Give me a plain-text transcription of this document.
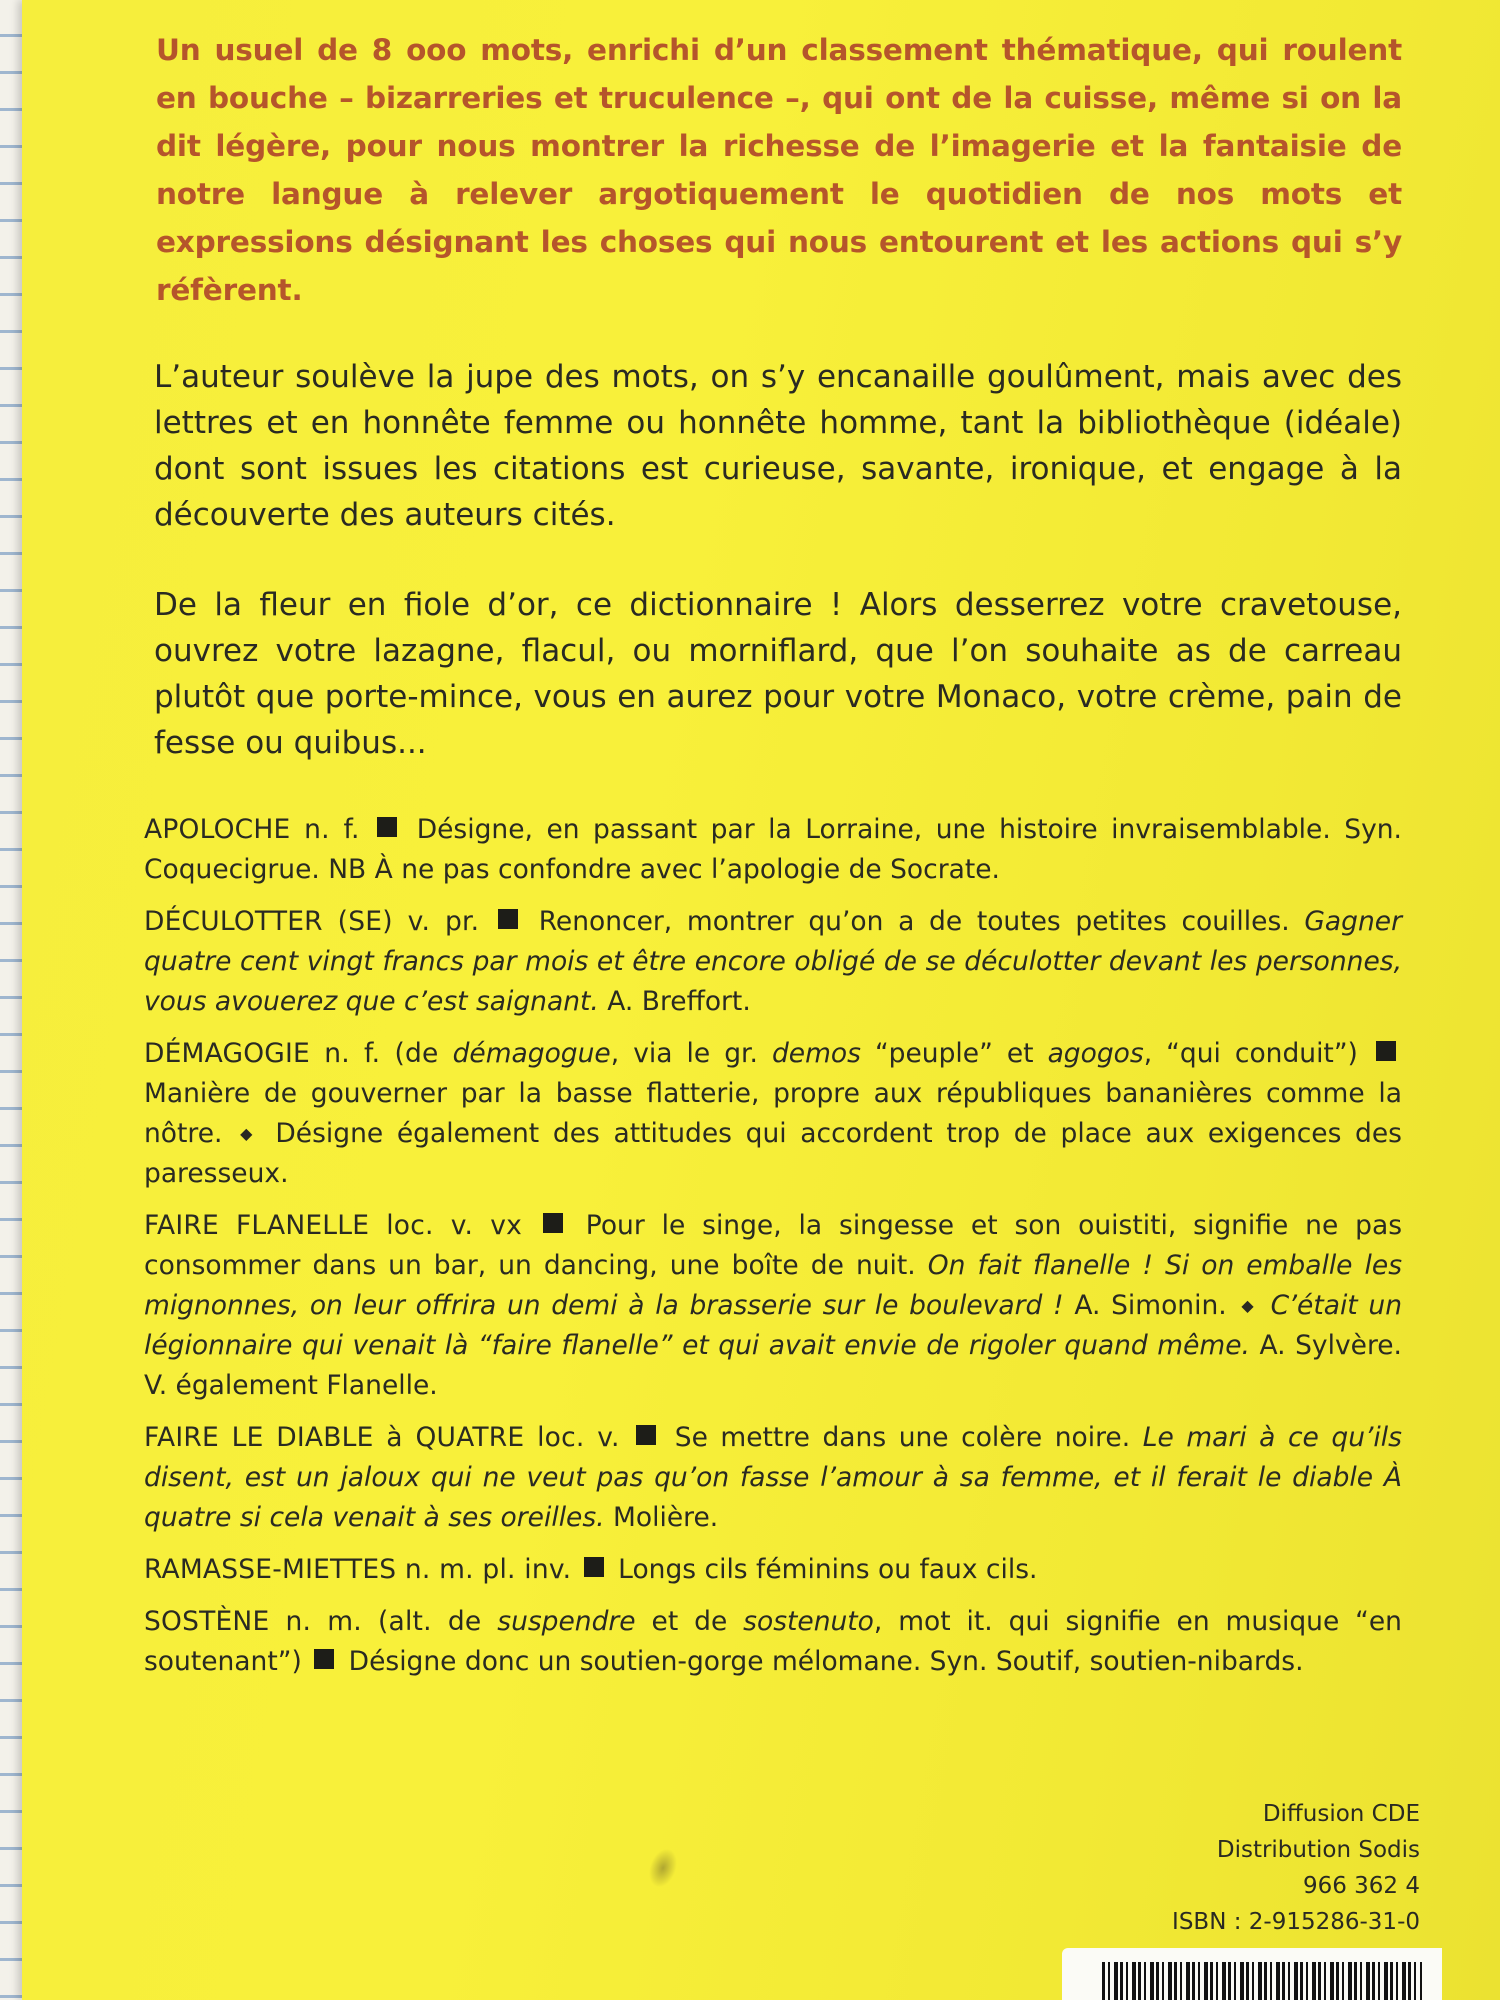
Un usuel de 8 ooo mots, enrichi d’un classement thématique, qui roulent en bouche – bizarreries et truculence –, qui ont de la cuisse, même si on la dit légère, pour nous montrer la richesse de l’imagerie et la fantaisie de notre langue à relever argotiquement le quotidien de nos mots et expressions désignant les choses qui nous entourent et les actions qui s’y réfèrent.

L’auteur soulève la jupe des mots, on s’y encanaille goulûment, mais avec des lettres et en honnête femme ou honnête homme, tant la bibliothèque (idéale) dont sont issues les citations est curieuse, savante, ironique, et engage à la découverte des auteurs cités.

De la fleur en fiole d’or, ce dictionnaire ! Alors desserrez votre cravetouse, ouvrez votre lazagne, flacul, ou morniflard, que l’on souhaite as de carreau plutôt que porte-mince, vous en aurez pour votre Monaco, votre crème, pain de fesse ou quibus...

APOLOCHE n. f. Désigne, en passant par la Lorraine, une histoire invraisemblable. Syn. Coquecigrue. NB À ne pas confondre avec l’apologie de Socrate.

DÉCULOTTER (SE) v. pr. Renoncer, montrer qu’on a de toutes petites couilles. Gagner quatre cent vingt francs par mois et être encore obligé de se déculotter devant les personnes, vous avouerez que c’est saignant. A. Breffort.

DÉMAGOGIE n. f. (de démagogue, via le gr. demos “peuple” et agogos, “qui conduit”)  Manière de gouverner par la basse flatterie, propre aux républiques bananières comme la nôtre. ◆ Désigne également des attitudes qui accordent trop de place aux exigences des paresseux.

FAIRE FLANELLE loc. v. vx Pour le singe, la singesse et son ouistiti, signifie ne pas consommer dans un bar, un dancing, une boîte de nuit. On fait flanelle ! Si on emballe les mignonnes, on leur offrira un demi à la brasserie sur le boulevard ! A. Simonin. ◆ C’était un légionnaire qui venait là “faire flanelle” et qui avait envie de rigoler quand même. A. Sylvère. V. également Flanelle.

FAIRE LE DIABLE à QUATRE loc. v. Se mettre dans une colère noire. Le mari à ce qu’ils disent, est un jaloux qui ne veut pas qu’on fasse l’amour à sa femme, et il ferait le diable À quatre si cela venait à ses oreilles. Molière.

RAMASSE-MIETTES n. m. pl. inv. Longs cils féminins ou faux cils.

SOSTÈNE n. m. (alt. de suspendre et de sostenuto, mot it. qui signifie en musique “en soutenant”) Désigne donc un soutien-gorge mélomane. Syn. Soutif, soutien-nibards.

Diffusion CDE
Distribution Sodis
966 362 4
ISBN : 2-915286-31-0
